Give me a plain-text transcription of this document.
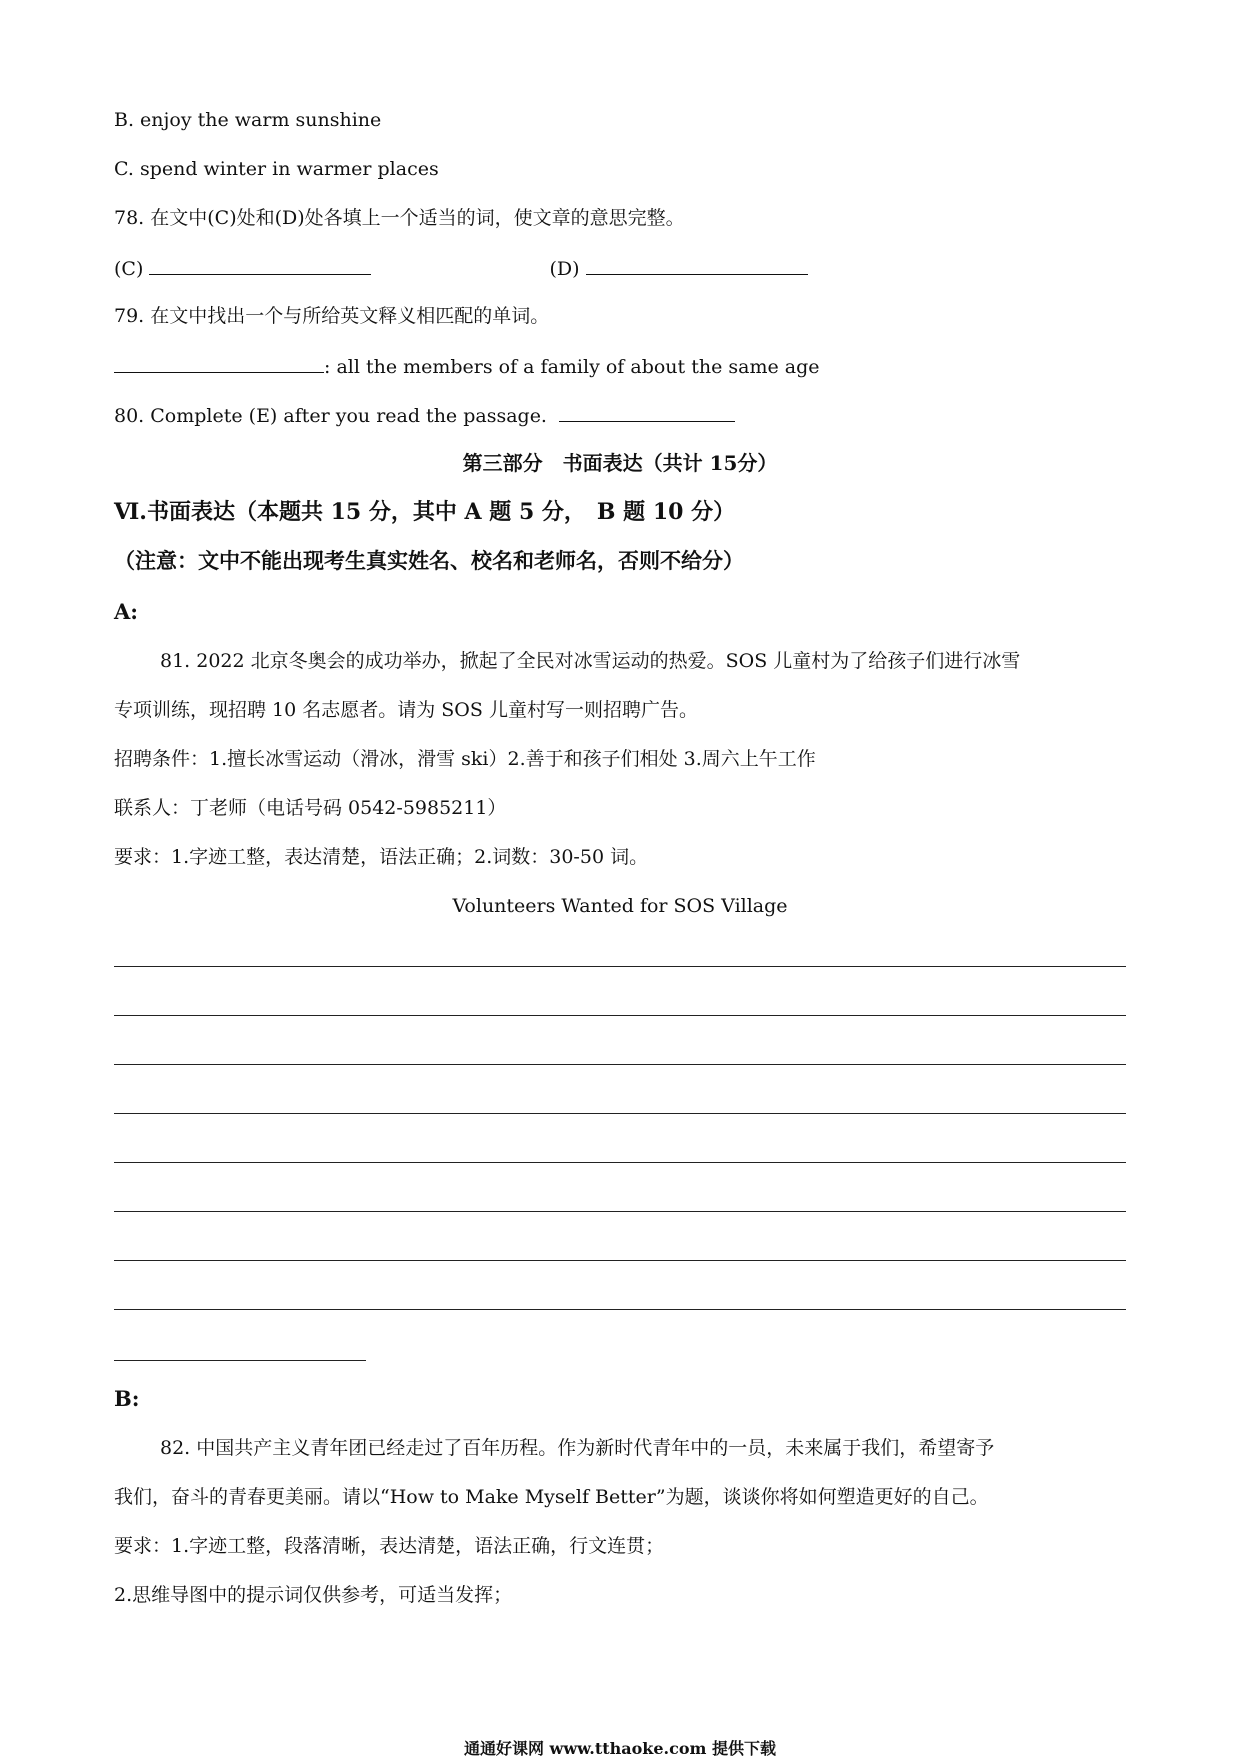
B. enjoy the warm sunshine
C. spend winter in warmer places
78. 在文中(C)处和(D)处各填上一个适当的词，使文章的意思完整。
(C)	(D)
79. 在文中找出一个与所给英文释义相匹配的单词。
: all the members of a family of about the same age
80. Complete (E) after you read the passage.
第三部分　书面表达（共计 15分）
Ⅵ.书面表达（本题共 15 分，其中 A 题 5 分，　B 题 10 分）
（注意：文中不能出现考生真实姓名、校名和老师名，否则不给分）
A:
81. 2022 北京冬奥会的成功举办，掀起了全民对冰雪运动的热爱。SOS 儿童村为了给孩子们进行冰雪
专项训练，现招聘 10 名志愿者。请为 SOS 儿童村写一则招聘广告。
招聘条件：1.擅长冰雪运动（滑冰，滑雪 ski）2.善于和孩子们相处 3.周六上午工作
联系人：丁老师（电话号码 0542-5985211）
要求：1.字迹工整，表达清楚，语法正确；2.词数：30-50 词。
Volunteers Wanted for SOS Village
B:
82. 中国共产主义青年团已经走过了百年历程。作为新时代青年中的一员，未来属于我们，希望寄予
我们，奋斗的青春更美丽。请以“How to Make Myself Better”为题，谈谈你将如何塑造更好的自己。
要求：1.字迹工整，段落清晰，表达清楚，语法正确，行文连贯；
2.思维导图中的提示词仅供参考，可适当发挥；
通通好课网 www.tthaoke.com 提供下载
